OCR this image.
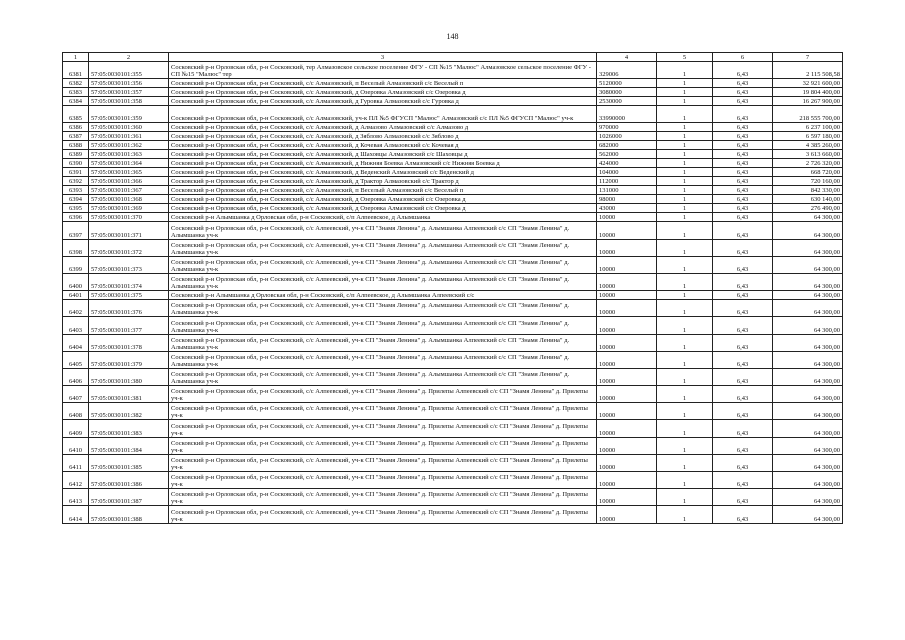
148
1	2	3	4	5	6	7
6381	57:05:0030101:355	Сосковский р-н Орловская обл, р-н Сосковский, тер Алмазовское сельское поселение ФГУ - СП №15 "Малюс" Алмазовское сельское поселение ФГУ - СП №15 "Малюс" тер	329006	1	6,43	2 115 508,58
6382	57:05:0030101:356	Сосковский р-н Орловская обл, р-н Сосковский, с/с Алмазовский, п Веселый Алмазовский с/с Веселый п	5120000	1	6,43	32 921 600,00
6383	57:05:0030101:357	Сосковский р-н Орловская обл, р-н Сосковский, с/с Алмазовский, д Озеровка Алмазовский с/с Озеровка д	3080000	1	6,43	19 804 400,00
6384	57:05:0030101:358	Сосковский р-н Орловская обл, р-н Сосковский, с/с Алмазовский, д Гуровка Алмазовский с/с Гуровка д	2530000	1	6,43	16 267 900,00
6385	57:05:0030101:359	Сосковский р-н Орловская обл, р-н Сосковский, с/с Алмазовский, уч-к ПЛ №5 ФГУСП "Малюс" Алмазовский с/с ПЛ №5 ФГУСП "Малюс" уч-к	33990000	1	6,43	218 555 700,00
6386	57:05:0030101:360	Сосковский р-н Орловская обл, р-н Сосковский, с/с Алмазовский, д Алмазово Алмазовский с/с Алмазово д	970000	1	6,43	6 237 100,00
6387	57:05:0030101:361	Сосковский р-н Орловская обл, р-н Сосковский, с/с Алмазовский, д Зяблово Алмазовский с/с Зяблово д	1026000	1	6,43	6 597 180,00
6388	57:05:0030101:362	Сосковский р-н Орловская обл, р-н Сосковский, с/с Алмазовский, д Кочевая Алмазовский с/с Кочевая д	682000	1	6,43	4 385 260,00
6389	57:05:0030101:363	Сосковский р-н Орловская обл, р-н Сосковский, с/с Алмазовский, д Шаховцы Алмазовский с/с Шаховцы д	562000	1	6,43	3 613 660,00
6390	57:05:0030101:364	Сосковский р-н Орловская обл, р-н Сосковский, с/с Алмазовский, д Нижняя Боевка Алмазовский с/с Нижняя Боевка д	424000	1	6,43	2 726 320,00
6391	57:05:0030101:365	Сосковский р-н Орловская обл, р-н Сосковский, с/с Алмазовский, д Веденский Алмазовский с/с Веденский д	104000	1	6,43	668 720,00
6392	57:05:0030101:366	Сосковский р-н Орловская обл, р-н Сосковский, с/с Алмазовский, д Трактор Алмазовский с/с Трактор д	112000	1	6,43	720 160,00
6393	57:05:0030101:367	Сосковский р-н Орловская обл, р-н Сосковский, с/с Алмазовский, п Веселый Алмазовский с/с Веселый п	131000	1	6,43	842 330,00
6394	57:05:0030101:368	Сосковский р-н Орловская обл, р-н Сосковский, с/с Алмазовский, д Озеровка Алмазовский с/с Озеровка д	98000	1	6,43	630 140,00
6395	57:05:0030101:369	Сосковский р-н Орловская обл, р-н Сосковский, с/с Алмазовский, д Озеровка Алмазовский с/с Озеровка д	43000	1	6,43	276 490,00
6396	57:05:0030101:370	Сосковский р-н Алымшанка д Орловская обл, р-н Сосковский, с/п Алпеевское, д Алымшанка	10000	1	6,43	64 300,00
6397	57:05:0030101:371	Сосковский р-н Орловская обл, р-н Сосковский, с/с Алпеевский, уч-к СП "Знамя Ленина" д. Алымшанка Алпеевский с/с СП "Знамя Ленина" д. Алымшанка уч-к	10000	1	6,43	64 300,00
6398	57:05:0030101:372	Сосковский р-н Орловская обл, р-н Сосковский, с/с Алпеевский, уч-к СП "Знамя Ленина" д. Алымшанка Алпеевский с/с СП "Знамя Ленина" д. Алымшанка уч-к	10000	1	6,43	64 300,00
6399	57:05:0030101:373	Сосковский р-н Орловская обл, р-н Сосковский, с/с Алпеевский, уч-к СП "Знамя Ленина" д. Алымшанка Алпеевский с/с СП "Знамя Ленина" д. Алымшанка уч-к	10000	1	6,43	64 300,00
6400	57:05:0030101:374	Сосковский р-н Орловская обл, р-н Сосковский, с/с Алпеевский, уч-к СП "Знамя Ленина" д. Алымшанка Алпеевский с/с СП "Знамя Ленина" д. Алымшанка уч-к	10000	1	6,43	64 300,00
6401	57:05:0030101:375	Сосковский р-н Алымшанка д Орловская обл, р-н Сосковский, с/п Алпеевское, д Алымшанка Алпеевский с/с	10000	1	6,43	64 300,00
6402	57:05:0030101:376	Сосковский р-н Орловская обл, р-н Сосковский, с/с Алпеевский, уч-к СП "Знамя Ленина" д. Алымшанка Алпеевский с/с СП "Знамя Ленина" д. Алымшанка уч-к	10000	1	6,43	64 300,00
6403	57:05:0030101:377	Сосковский р-н Орловская обл, р-н Сосковский, с/с Алпеевский, уч-к СП "Знамя Ленина" д. Алымшанка Алпеевский с/с СП "Знамя Ленина" д. Алымшанка уч-к	10000	1	6,43	64 300,00
6404	57:05:0030101:378	Сосковский р-н Орловская обл, р-н Сосковский, с/с Алпеевский, уч-к СП "Знамя Ленина" д. Алымшанка Алпеевский с/с СП "Знамя Ленина" д. Алымшанка уч-к	10000	1	6,43	64 300,00
6405	57:05:0030101:379	Сосковский р-н Орловская обл, р-н Сосковский, с/с Алпеевский, уч-к СП "Знамя Ленина" д. Алымшанка Алпеевский с/с СП "Знамя Ленина" д. Алымшанка уч-к	10000	1	6,43	64 300,00
6406	57:05:0030101:380	Сосковский р-н Орловская обл, р-н Сосковский, с/с Алпеевский, уч-к СП "Знамя Ленина" д. Алымшанка Алпеевский с/с СП "Знамя Ленина" д. Алымшанка уч-к	10000	1	6,43	64 300,00
6407	57:05:0030101:381	Сосковский р-н Орловская обл, р-н Сосковский, с/с Алпеевский, уч-к СП "Знамя Ленина" д. Прилепы Алпеевский с/с СП "Знамя Ленина" д. Прилепы уч-к	10000	1	6,43	64 300,00
6408	57:05:0030101:382	Сосковский р-н Орловская обл, р-н Сосковский, с/с Алпеевский, уч-к СП "Знамя Ленина" д. Прилепы Алпеевский с/с СП "Знамя Ленина" д. Прилепы уч-к	10000	1	6,43	64 300,00
6409	57:05:0030101:383	Сосковский р-н Орловская обл, р-н Сосковский, с/с Алпеевский, уч-к СП "Знамя Ленина" д. Прилепы Алпеевский с/с СП "Знамя Ленина" д. Прилепы уч-к	10000	1	6,43	64 300,00
6410	57:05:0030101:384	Сосковский р-н Орловская обл, р-н Сосковский, с/с Алпеевский, уч-к СП "Знамя Ленина" д. Прилепы Алпеевский с/с СП "Знамя Ленина" д. Прилепы уч-к	10000	1	6,43	64 300,00
6411	57:05:0030101:385	Сосковский р-н Орловская обл, р-н Сосковский, с/с Алпеевский, уч-к СП "Знамя Ленина" д. Прилепы Алпеевский с/с СП "Знамя Ленина" д. Прилепы уч-к	10000	1	6,43	64 300,00
6412	57:05:0030101:386	Сосковский р-н Орловская обл, р-н Сосковский, с/с Алпеевский, уч-к СП "Знамя Ленина" д. Прилепы Алпеевский с/с СП "Знамя Ленина" д. Прилепы уч-к	10000	1	6,43	64 300,00
6413	57:05:0030101:387	Сосковский р-н Орловская обл, р-н Сосковский, с/с Алпеевский, уч-к СП "Знамя Ленина" д. Прилепы Алпеевский с/с СП "Знамя Ленина" д. Прилепы уч-к	10000	1	6,43	64 300,00
6414	57:05:0030101:388	Сосковский р-н Орловская обл, р-н Сосковский, с/с Алпеевский, уч-к СП "Знамя Ленина" д. Прилепы Алпеевский с/с СП "Знамя Ленина" д. Прилепы уч-к	10000	1	6,43	64 300,00
